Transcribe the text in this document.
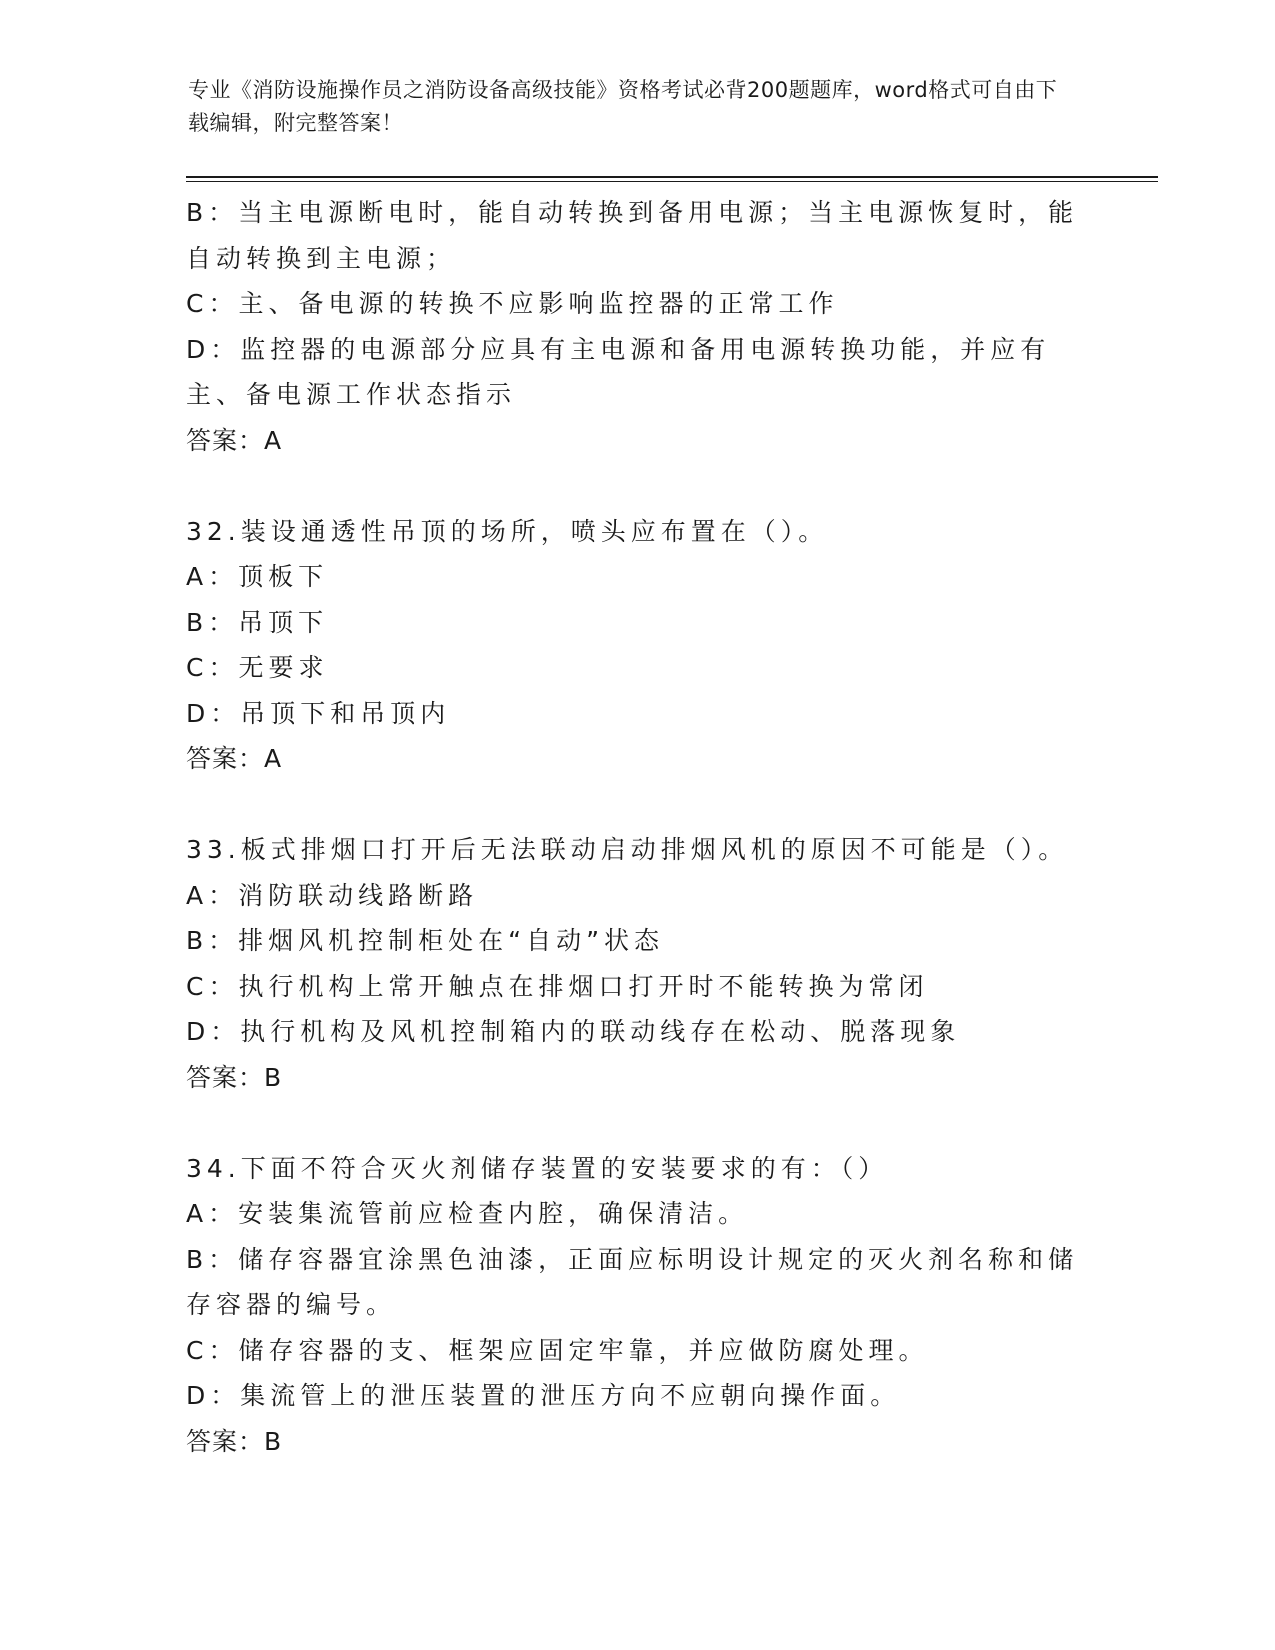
专业《消防设施操作员之消防设备高级技能》资格考试必背200题题库，word格式可自由下载编辑，附完整答案！

B：当主电源断电时，能自动转换到备用电源；当主电源恢复时，能自动转换到主电源；

C：主、备电源的转换不应影响监控器的正常工作

D：监控器的电源部分应具有主电源和备用电源转换功能，并应有主、备电源工作状态指示

答案：A

32.装设通透性吊顶的场所，喷头应布置在（）。

A：顶板下

B：吊顶下

C：无要求

D：吊顶下和吊顶内

答案：A

33.板式排烟口打开后无法联动启动排烟风机的原因不可能是（）。

A：消防联动线路断路

B：排烟风机控制柜处在“自动”状态

C：执行机构上常开触点在排烟口打开时不能转换为常闭

D：执行机构及风机控制箱内的联动线存在松动、脱落现象

答案：B

34.下面不符合灭火剂储存装置的安装要求的有：（）

A：安装集流管前应检查内腔，确保清洁。

B：储存容器宜涂黑色油漆，正面应标明设计规定的灭火剂名称和储存容器的编号。

C：储存容器的支、框架应固定牢靠，并应做防腐处理。

D：集流管上的泄压装置的泄压方向不应朝向操作面。

答案：B
